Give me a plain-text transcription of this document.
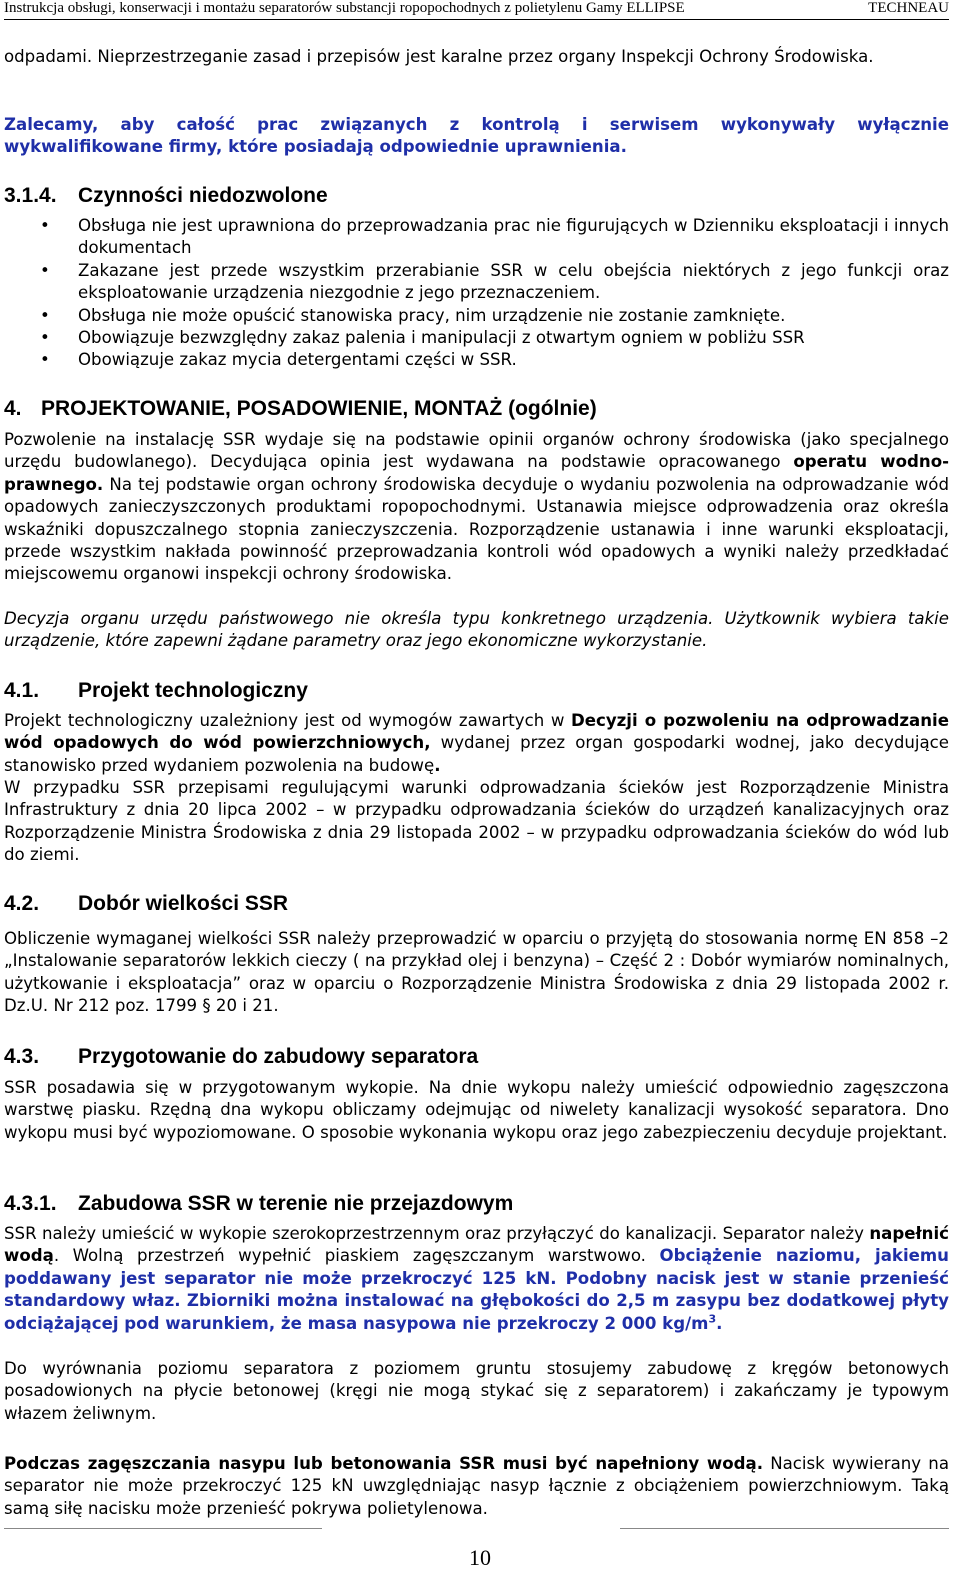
Instrukcja obsługi, konserwacji i montażu separatorów substancji ropopochodnych z polietylenu Gamy ELLIPSE	TECHNEAU

odpadami. Nieprzestrzeganie zasad i przepisów jest karalne przez organy Inspekcji Ochrony Środowiska.

Zalecamy, aby całość prac związanych z kontrolą i serwisem wykonywały wyłącznie wykwalifikowane firmy, które posiadają odpowiednie uprawnienia.

3.1.4. Czynności niedozwolone
• Obsługa nie jest uprawniona do przeprowadzania prac nie figurujących w Dzienniku eksploatacji i innych dokumentach
• Zakazane jest przede wszystkim przerabianie SSR w celu obejścia niektórych z jego funkcji oraz eksploatowanie urządzenia niezgodnie z jego przeznaczeniem.
• Obsługa nie może opuścić stanowiska pracy, nim urządzenie nie zostanie zamknięte.
• Obowiązuje bezwzględny zakaz palenia i manipulacji z otwartym ogniem w pobliżu SSR
• Obowiązuje zakaz mycia detergentami części w SSR.
4. PROJEKTOWANIE, POSADOWIENIE, MONTAŻ (ogólnie)

Pozwolenie na instalację SSR wydaje się na podstawie opinii organów ochrony środowiska (jako specjalnego urzędu budowlanego). Decydująca opinia jest wydawana na podstawie opracowanego operatu wodno-prawnego. Na tej podstawie organ ochrony środowiska decyduje o wydaniu pozwolenia na odprowadzanie wód opadowych zanieczyszczonych produktami ropopochodnymi. Ustanawia miejsce odprowadzenia oraz określa wskaźniki dopuszczalnego stopnia zanieczyszczenia. Rozporządzenie ustanawia i inne warunki eksploatacji, przede wszystkim nakłada powinność przeprowadzania kontroli wód opadowych a wyniki należy przedkładać miejscowemu organowi inspekcji ochrony środowiska.

Decyzja organu urzędu państwowego nie określa typu konkretnego urządzenia. Użytkownik wybiera takie urządzenie, które zapewni żądane parametry oraz jego ekonomiczne wykorzystanie.

4.1. Projekt technologiczny

Projekt technologiczny uzależniony jest od wymogów zawartych w Decyzji o pozwoleniu na odprowadzanie wód opadowych do wód powierzchniowych, wydanej przez organ gospodarki wodnej, jako decydujące stanowisko przed wydaniem pozwolenia na budowę.

W przypadku SSR przepisami regulującymi warunki odprowadzania ścieków jest Rozporządzenie Ministra Infrastruktury z dnia 20 lipca 2002 – w przypadku odprowadzania ścieków do urządzeń kanalizacyjnych oraz Rozporządzenie Ministra Środowiska z dnia 29 listopada 2002 – w przypadku odprowadzania ścieków do wód lub do ziemi.

4.2. Dobór wielkości SSR

Obliczenie wymaganej wielkości SSR należy przeprowadzić w oparciu o przyjętą do stosowania normę EN 858 –2 „Instalowanie separatorów lekkich cieczy ( na przykład olej i benzyna) – Część 2 : Dobór wymiarów nominalnych, użytkowanie i eksploatacja” oraz w oparciu o Rozporządzenie Ministra Środowiska z dnia 29 listopada 2002 r. Dz.U. Nr 212 poz. 1799 § 20 i 21.

4.3. Przygotowanie do zabudowy separatora

SSR posadawia się w przygotowanym wykopie. Na dnie wykopu należy umieścić odpowiednio zagęszczona warstwę piasku. Rzędną dna wykopu obliczamy odejmując od niwelety kanalizacji wysokość separatora. Dno wykopu musi być wypoziomowane. O sposobie wykonania wykopu oraz jego zabezpieczeniu decyduje projektant.

4.3.1. Zabudowa SSR w terenie nie przejazdowym

SSR należy umieścić w wykopie szerokoprzestrzennym oraz przyłączyć do kanalizacji. Separator należy napełnić wodą. Wolną przestrzeń wypełnić piaskiem zagęszczanym warstwowo. Obciążenie naziomu, jakiemu poddawany jest separator nie może przekroczyć 125 kN. Podobny nacisk jest w stanie przenieść standardowy właz. Zbiorniki można instalować na głębokości do 2,5 m zasypu bez dodatkowej płyty odciążającej pod warunkiem, że masa nasypowa nie przekroczy 2 000 $kg/m^3$.

Do wyrównania poziomu separatora z poziomem gruntu stosujemy zabudowę z kręgów betonowych posadowionych na płycie betonowej (kręgi nie mogą stykać się z separatorem) i zakańczamy je typowym włazem żeliwnym.

Podczas zagęszczania nasypu lub betonowania SSR musi być napełniony wodą. Nacisk wywierany na separator nie może przekroczyć 125 kN uwzględniając nasyp łącznie z obciążeniem powierzchniowym. Taką samą siłę nacisku może przenieść pokrywa polietylenowa.

10
